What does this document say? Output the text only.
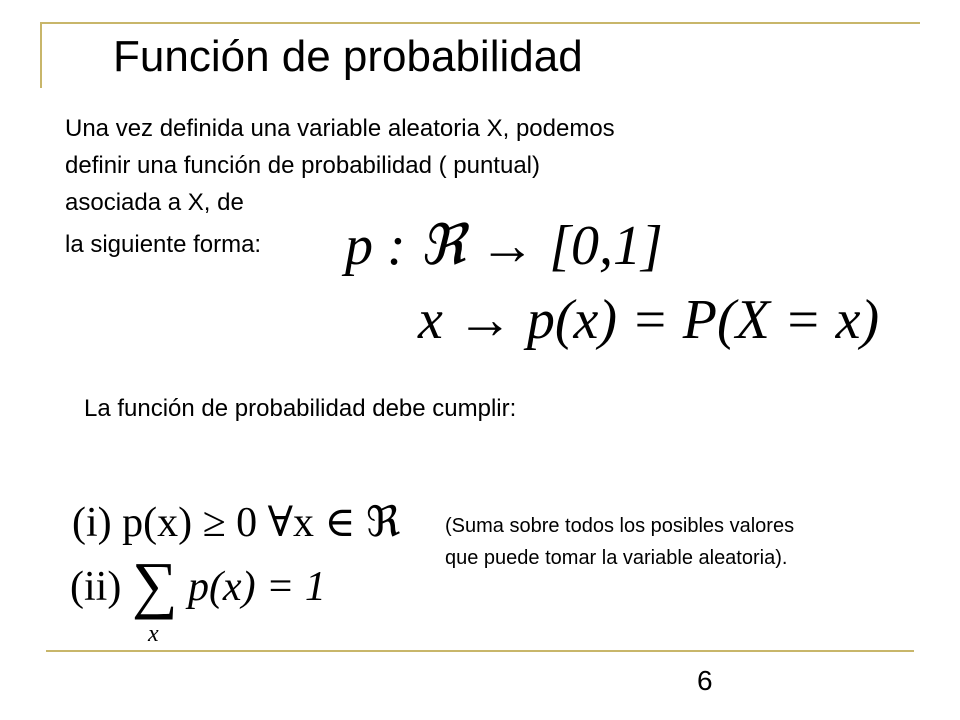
Función de probabilidad
Una vez definida una variable aleatoria X, podemos
definir una función de probabilidad ( puntual)
asociada a X, de
la siguiente forma: p : ℜ → [0,1]
x → p(x) = P(X = x)
La función de probabilidad debe cumplir:
(i) p(x) ≥ 0 ∀x ∈ ℜ
(ii) ∑ p(x) = 1
x
(Suma sobre todos los posibles valores
que puede tomar la variable aleatoria).
6
